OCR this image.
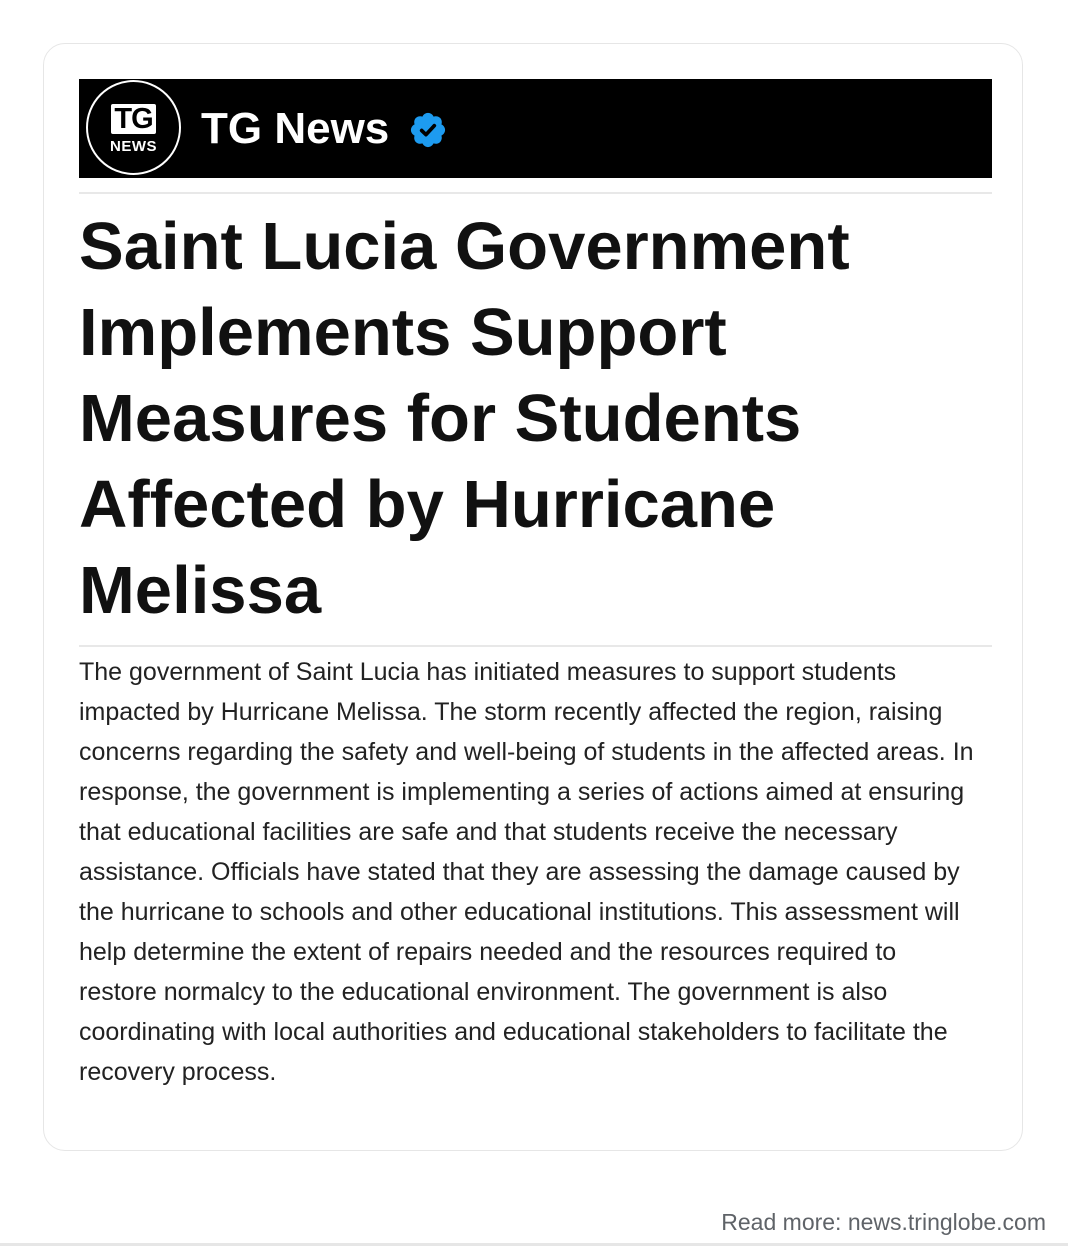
TG
NEWS TG News
Saint Lucia Government Implements Support Measures for Students Affected by Hurricane Melissa

The government of Saint Lucia has initiated measures to support students impacted by Hurricane Melissa. The storm recently affected the region, raising concerns regarding the safety and well-being of students in the affected areas. In response, the government is implementing a series of actions aimed at ensuring that educational facilities are safe and that students receive the necessary assistance. Officials have stated that they are assessing the damage caused by the hurricane to schools and other educational institutions. This assessment will help determine the extent of repairs needed and the resources required to restore normalcy to the educational environment. The government is also coordinating with local authorities and educational stakeholders to facilitate the recovery process.

Read more: news.tringlobe.com
